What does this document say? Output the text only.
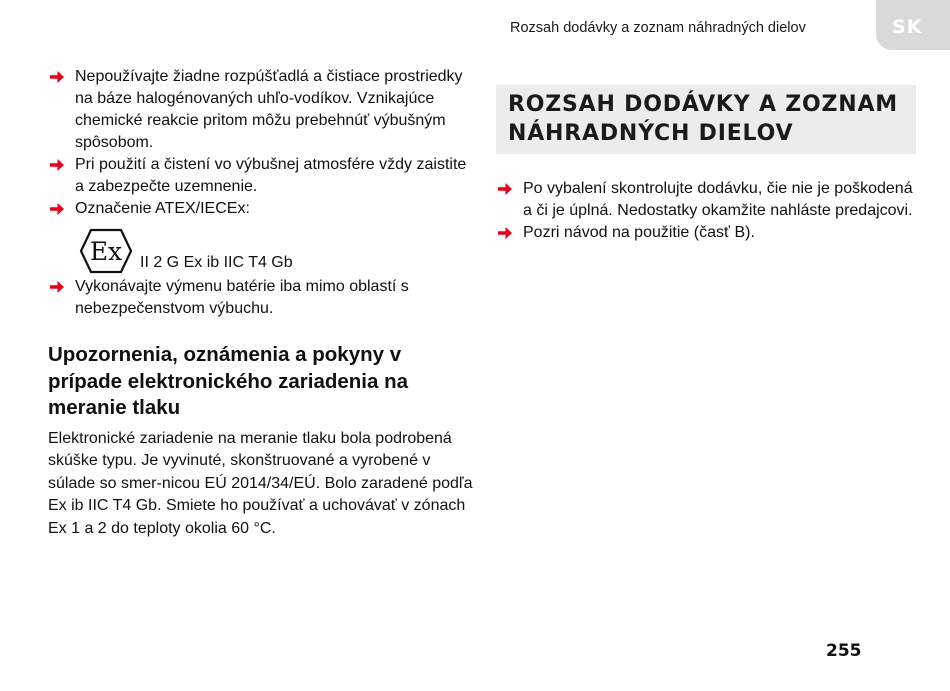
Rozsah dodávky a zoznam náhradných dielov	SK
Nepoužívajte žiadne rozpúšťadlá a čistiace prostriedky na báze halogénovaných uhľo-vodíkov. Vznikajúce chemické reakcie pritom môžu prebehnúť výbušným spôsobom.
Pri použití a čistení vo výbušnej atmosfére vždy zaistite a zabezpečte uzemnenie.
Označenie ATEX/IECEx:
Ex II 2 G Ex ib IIC T4 Gb
Vykonávajte výmenu batérie iba mimo oblastí s nebezpečenstvom výbuchu.
Upozornenia, oznámenia a pokyny v prípade elektronického zariadenia na meranie tlaku

Elektronické zariadenie na meranie tlaku bola podrobená skúške typu. Je vyvinuté, skonštruované a vyrobené v súlade so smer-nicou EÚ 2014/34/EÚ. Bolo zaradené podľa Ex ib IIC T4 Gb. Smiete ho používať a uchovávať v zónach Ex 1 a 2 do teploty okolia 60 °C.

ROZSAH DODÁVKY A ZOZNAM NÁHRADNÝCH DIELOV
Po vybalení skontrolujte dodávku, čie nie je poškodená a či je úplná. Nedostatky okamžite nahláste predajcovi.
Pozri návod na použitie (časť B).
255
